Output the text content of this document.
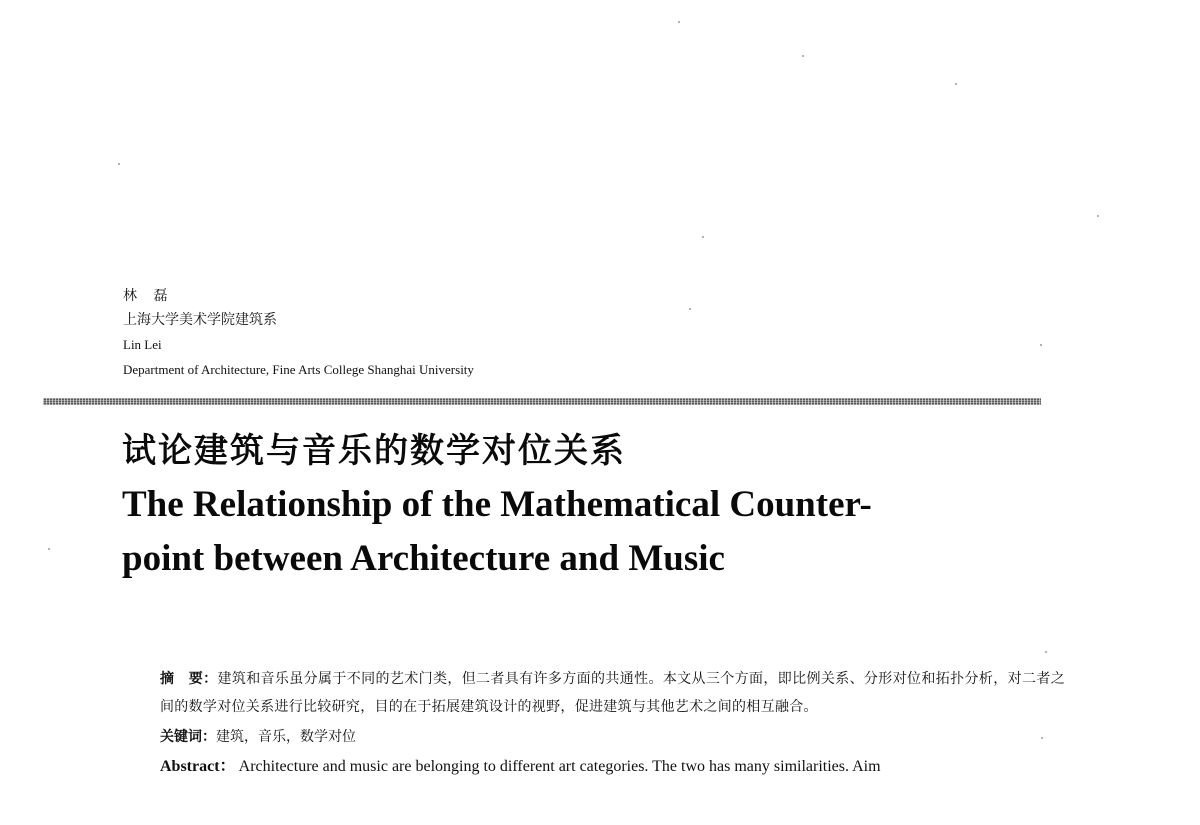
林 磊
上海大学美术学院建筑系
Lin Lei
Department of Architecture, Fine Arts College Shanghai University
试论建筑与音乐的数学对位关系
The Relationship of the Mathematical Counter-
point between Architecture and Music

摘　要：建筑和音乐虽分属于不同的艺术门类，但二者具有许多方面的共通性。本文从三个方面，即比例关系、分形对位和拓扑分析，对二者之间的数学对位关系进行比较研究，目的在于拓展建筑设计的视野，促进建筑与其他艺术之间的相互融合。

关键词：建筑，音乐，数学对位

Abstract： Architecture and music are belonging to different art categories. The two has many similarities. Aim
